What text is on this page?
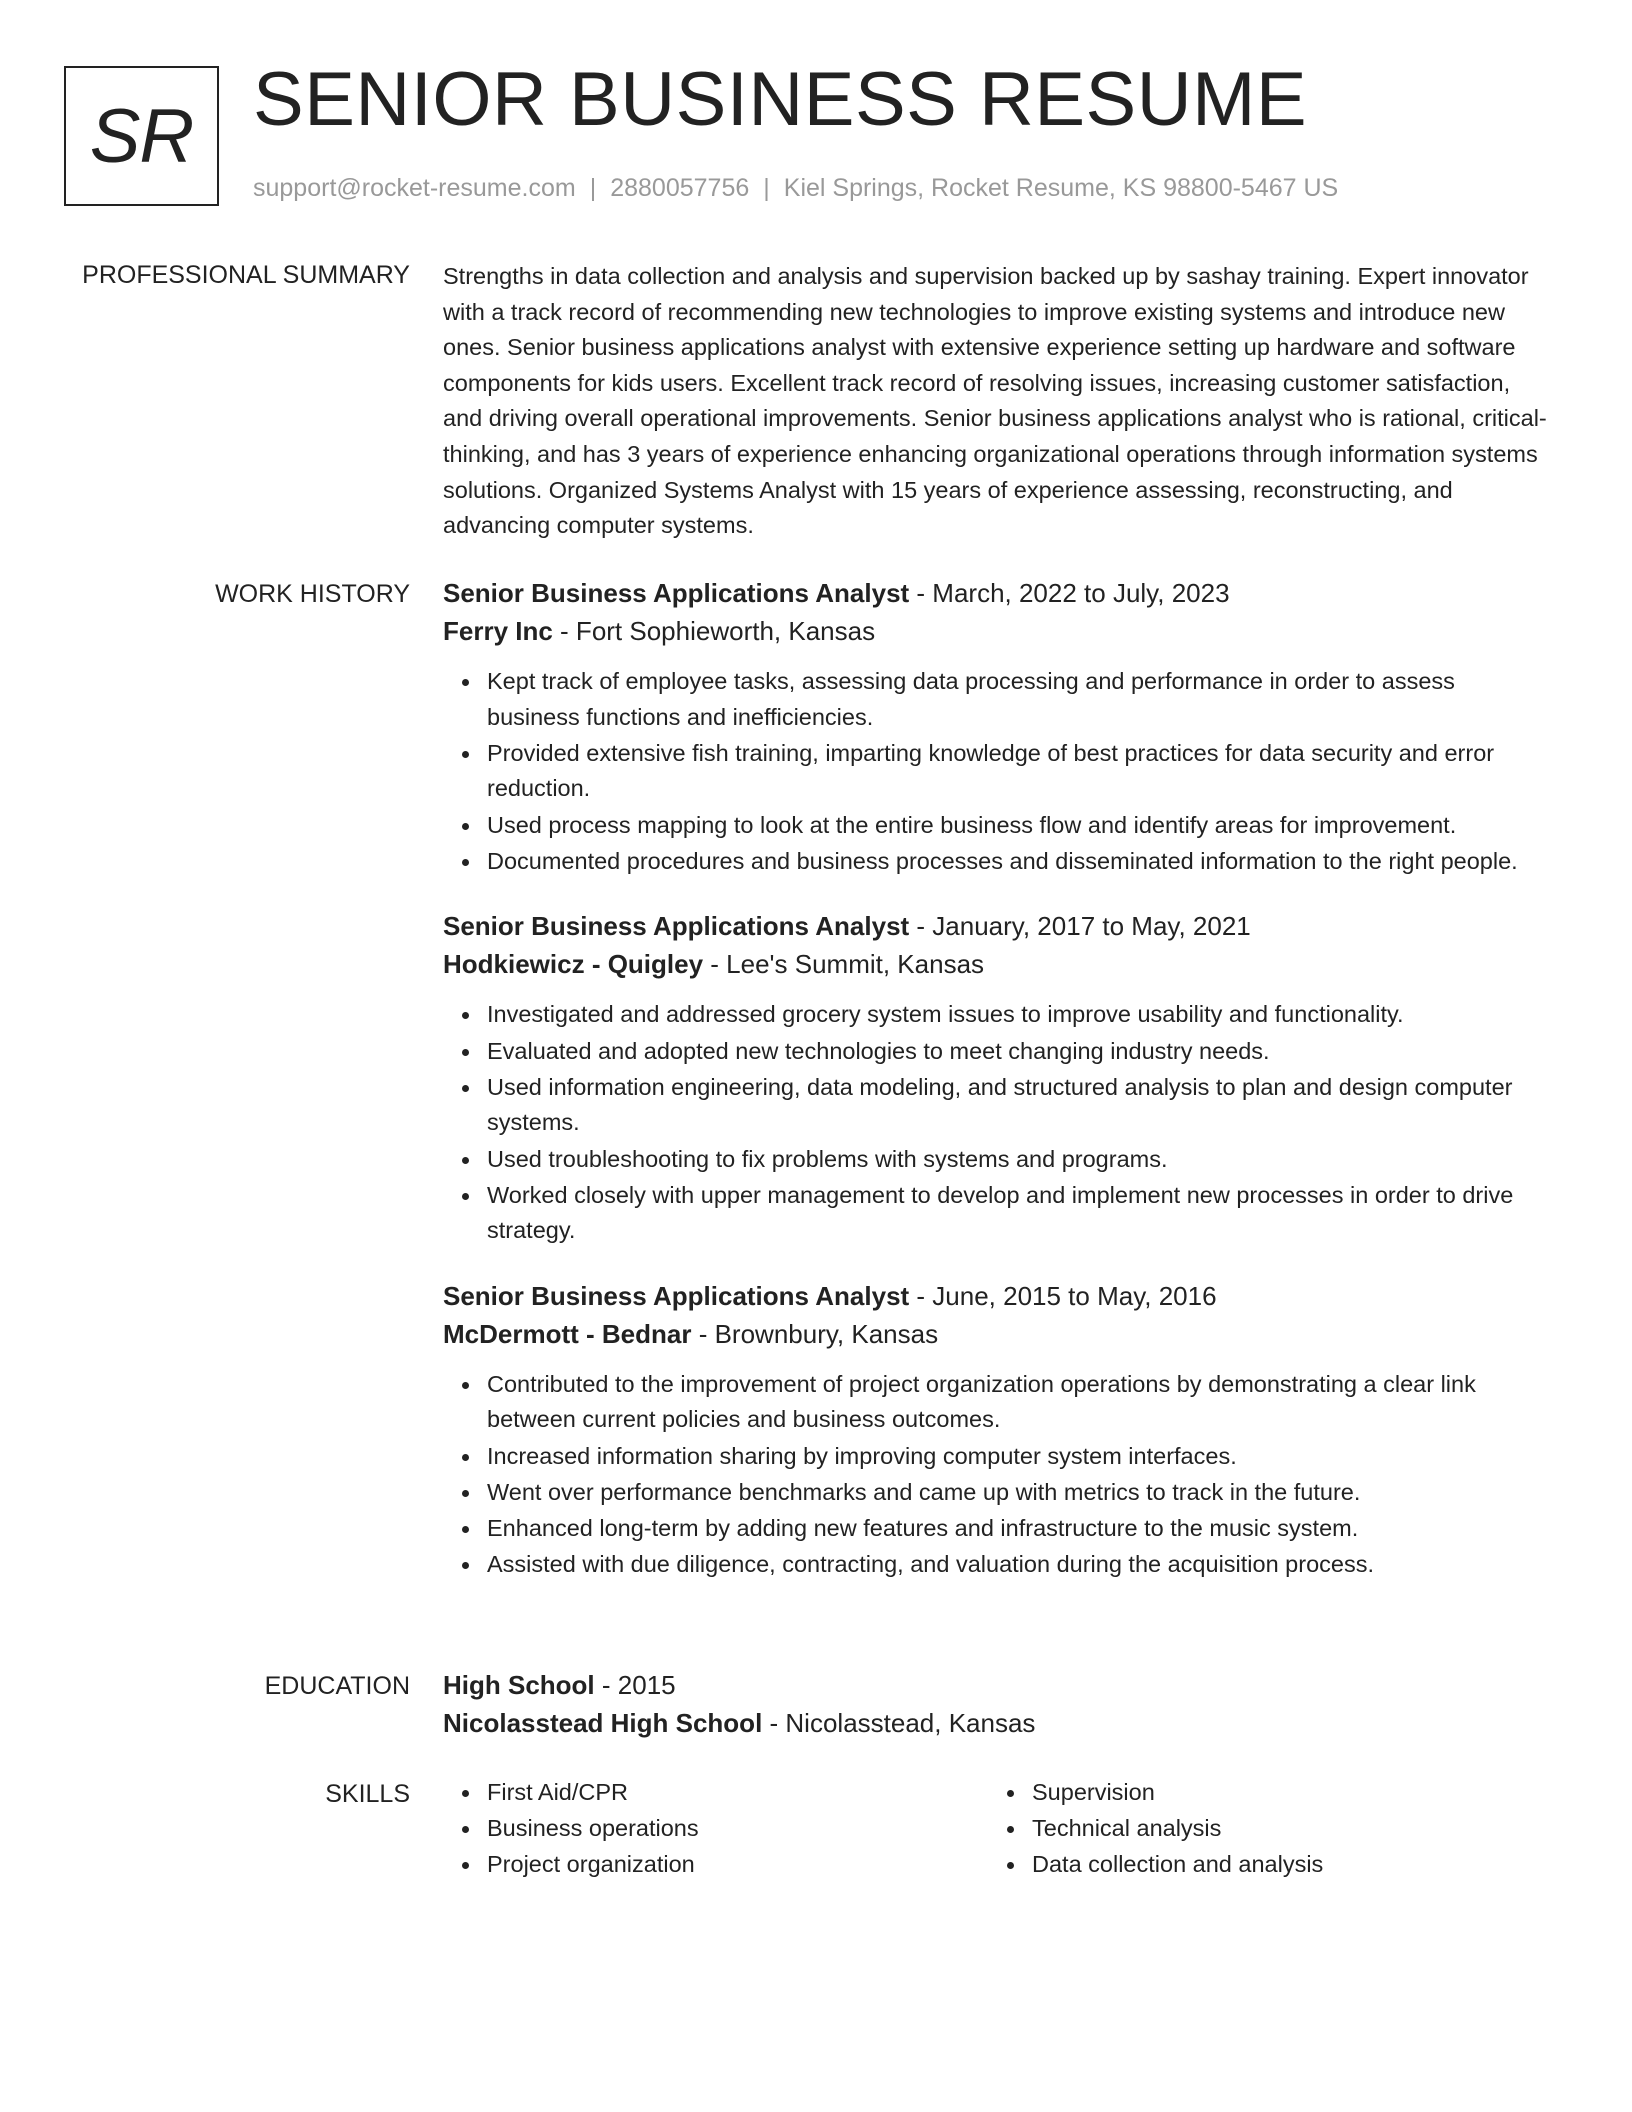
SR SENIOR BUSINESS RESUME
support@rocket-resume.com | 2880057756 | Kiel Springs, Rocket Resume, KS 98800-5467 US
PROFESSIONAL SUMMARY Strengths in data collection and analysis and supervision backed up by sashay training. Expert innovator with a track record of recommending new technologies to improve existing systems and introduce new ones. Senior business applications analyst with extensive experience setting up hardware and software components for kids users. Excellent track record of resolving issues, increasing customer satisfaction, and driving overall operational improvements. Senior business applications analyst who is rational, critical-thinking, and has 3 years of experience enhancing organizational operations through information systems solutions. Organized Systems Analyst with 15 years of experience assessing, reconstructing, and advancing computer systems.

WORK HISTORY Senior Business Applications Analyst - March, 2022 to July, 2023
Ferry Inc - Fort Sophieworth, Kansas
Kept track of employee tasks, assessing data processing and performance in order to assess business functions and inefficiencies.
Provided extensive fish training, imparting knowledge of best practices for data security and error reduction.
Used process mapping to look at the entire business flow and identify areas for improvement.
Documented procedures and business processes and disseminated information to the right people.
Senior Business Applications Analyst - January, 2017 to May, 2021
Hodkiewicz - Quigley - Lee's Summit, Kansas
Investigated and addressed grocery system issues to improve usability and functionality.
Evaluated and adopted new technologies to meet changing industry needs.
Used information engineering, data modeling, and structured analysis to plan and design computer systems.
Used troubleshooting to fix problems with systems and programs.
Worked closely with upper management to develop and implement new processes in order to drive strategy.
Senior Business Applications Analyst - June, 2015 to May, 2016
McDermott - Bednar - Brownbury, Kansas
Contributed to the improvement of project organization operations by demonstrating a clear link between current policies and business outcomes.
Increased information sharing by improving computer system interfaces.
Went over performance benchmarks and came up with metrics to track in the future.
Enhanced long-term by adding new features and infrastructure to the music system.
Assisted with due diligence, contracting, and valuation during the acquisition process.
EDUCATION High School - 2015
Nicolasstead High School - Nicolasstead, Kansas
SKILLS	First Aid/CPR
Business operations
Project organization
Supervision
Technical analysis
Data collection and analysis
